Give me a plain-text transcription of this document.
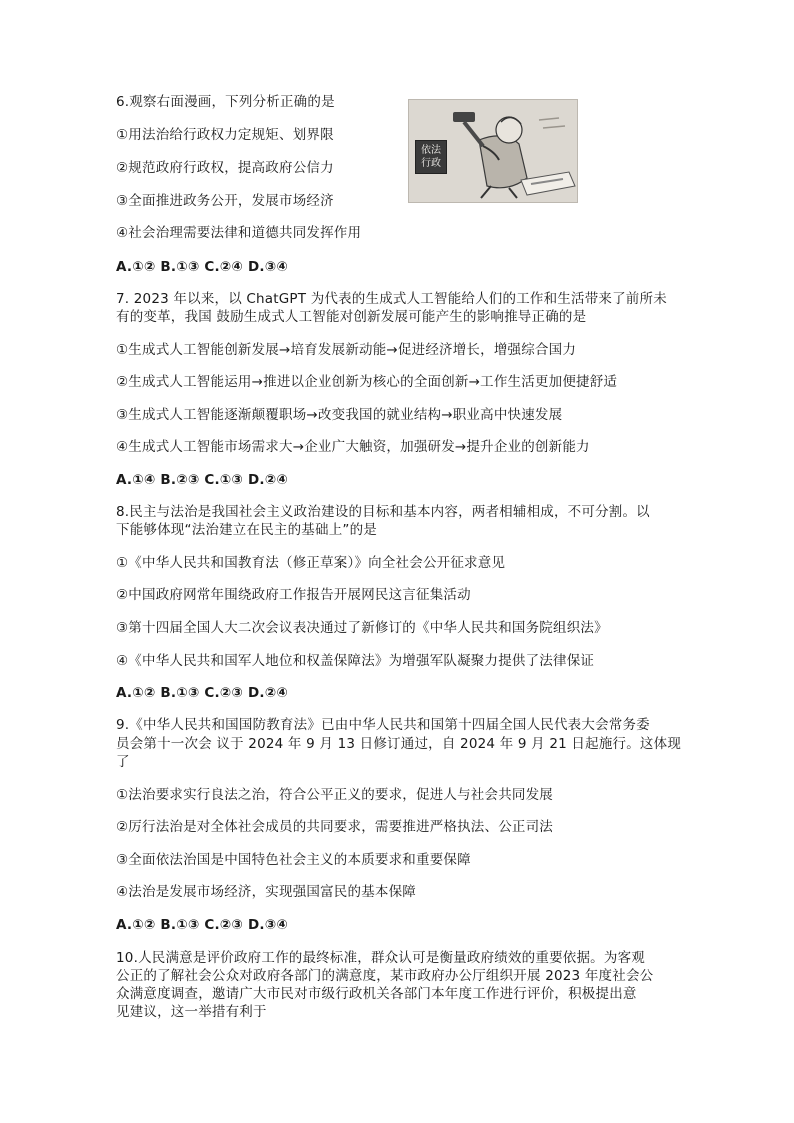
6.观察右面漫画，下列分析正确的是
①用法治给行政权力定规矩、划界限
②规范政府行政权，提高政府公信力
③全面推进政务公开，发展市场经济
④社会治理需要法律和道德共同发挥作用
A.①② B.①③ C.②④ D.③④
依法
行政
7. 2023 年以来，以 ChatGPT 为代表的生成式人工智能给人们的工作和生活带来了前所未
有的变革，我国 鼓励生成式人工智能对创新发展可能产生的影响推导正确的是
①生成式人工智能创新发展→培育发展新动能→促进经济增长，增强综合国力
②生成式人工智能运用→推进以企业创新为核心的全面创新→工作生活更加便捷舒适
③生成式人工智能逐渐颠覆职场→改变我国的就业结构→职业高中快速发展
④生成式人工智能市场需求大→企业广大触资，加强研发→提升企业的创新能力
A.①④ B.②③ C.①③ D.②④
8.民主与法治是我国社会主义政治建设的目标和基本内容，两者相辅相成，不可分割。以
下能够体现“法治建立在民主的基础上”的是
①《中华人民共和国教育法（修正草案）》向全社会公开征求意见
②中国政府网常年围绕政府工作报告开展网民这言征集活动
③第十四届全国人大二次会议表决通过了新修订的《中华人民共和国务院组织法》
④《中华人民共和国军人地位和权盖保障法》为增强军队凝聚力提供了法律保证
A.①② B.①③ C.②③ D.②④
9.《中华人民共和国国防教育法》已由中华人民共和国第十四届全国人民代表大会常务委
员会第十一次会 议于 2024 年 9 月 13 日修订通过，自 2024 年 9 月 21 日起施行。这体现
了
①法治要求实行良法之治，符合公平正义的要求，促进人与社会共同发展
②厉行法治是对全体社会成员的共同要求，需要推进严格执法、公正司法
③全面依法治国是中国特色社会主义的本质要求和重要保障
④法治是发展市场经济，实现强国富民的基本保障
A.①② B.①③ C.②③ D.③④
10.人民满意是评价政府工作的最终标准，群众认可是衡量政府绩效的重要依据。为客观
公正的了解社会公众对政府各部门的满意度，某市政府办公厅组织开展 2023 年度社会公
众满意度调查，邀请广大市民对市级行政机关各部门本年度工作进行评价，积极提出意
见建议，这一举措有利于
